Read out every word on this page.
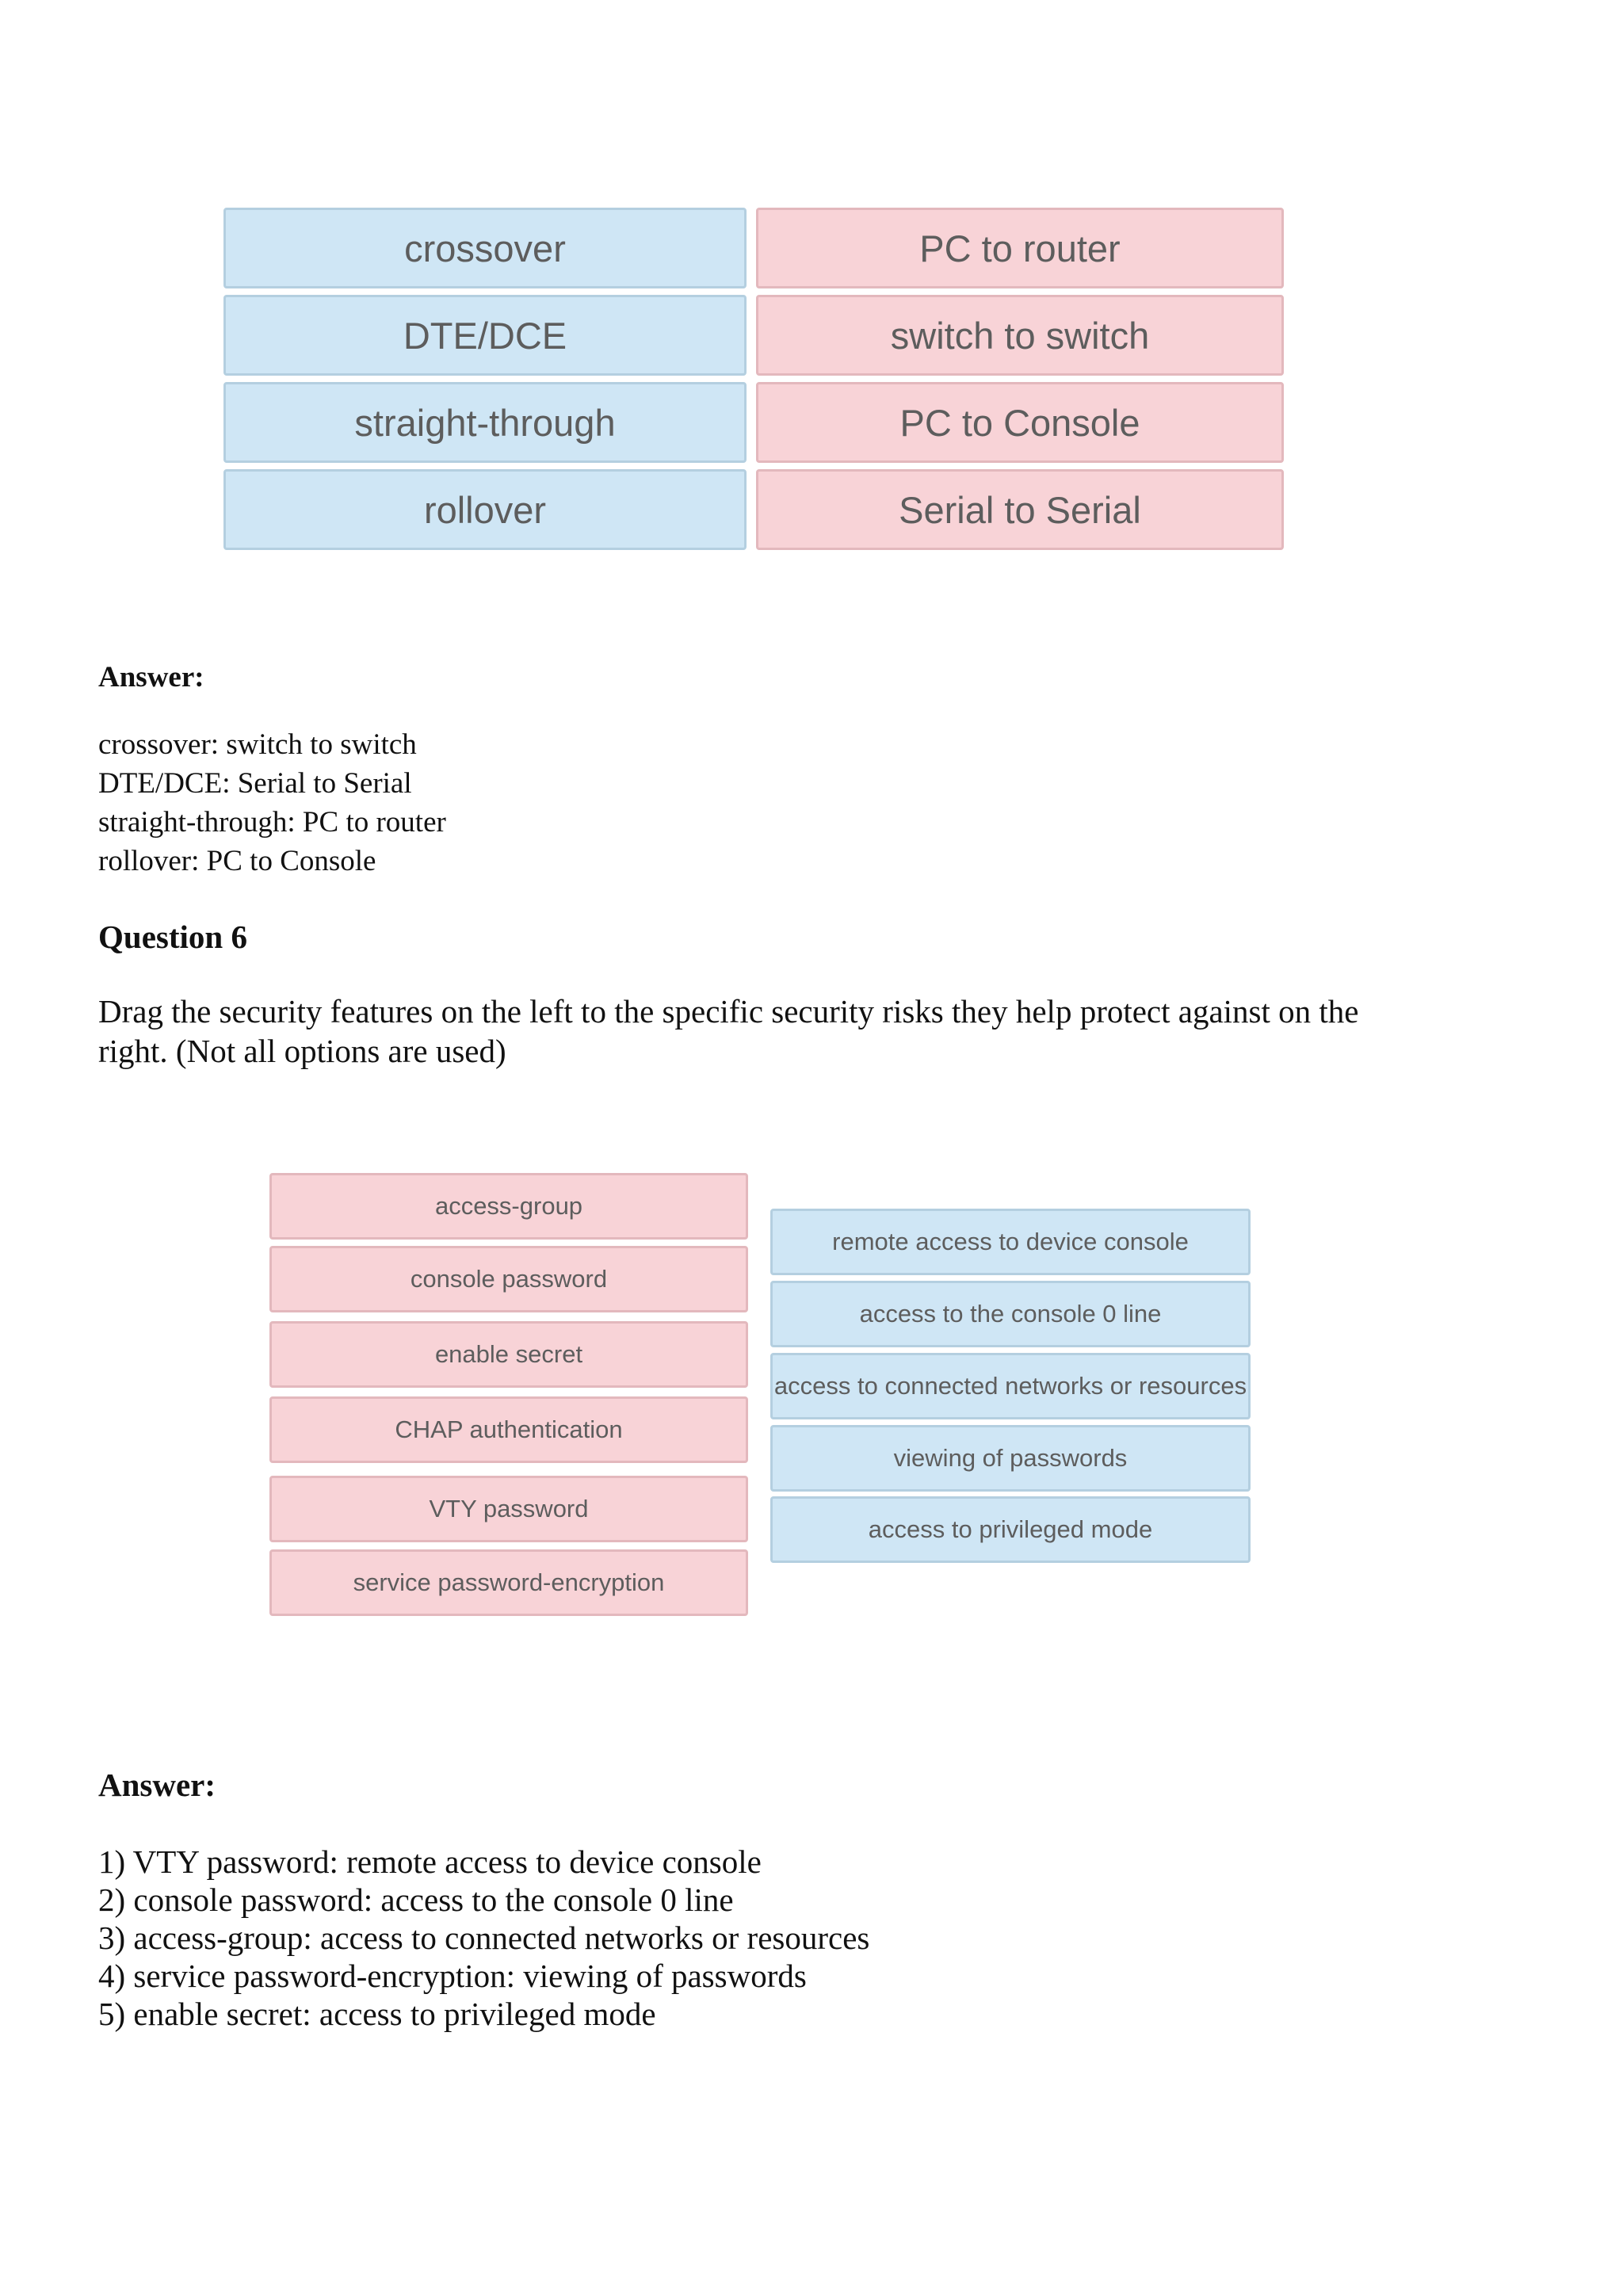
crossover
DTE/DCE
straight-through
rollover
PC to router
switch to switch
PC to Console
Serial to Serial
Answer:
crossover: switch to switch
DTE/DCE: Serial to Serial
straight-through: PC to router
rollover: PC to Console
Question 6
Drag the security features on the left to the specific security risks they help protect against on the
right. (Not all options are used)
access-group
console password
enable secret
CHAP authentication
VTY password
service password-encryption
remote access to device console
access to the console 0 line
access to connected networks or resources
viewing of passwords
access to privileged mode
Answer:
1) VTY password: remote access to device console
2) console password: access to the console 0 line
3) access-group: access to connected networks or resources
4) service password-encryption: viewing of passwords
5) enable secret: access to privileged mode
